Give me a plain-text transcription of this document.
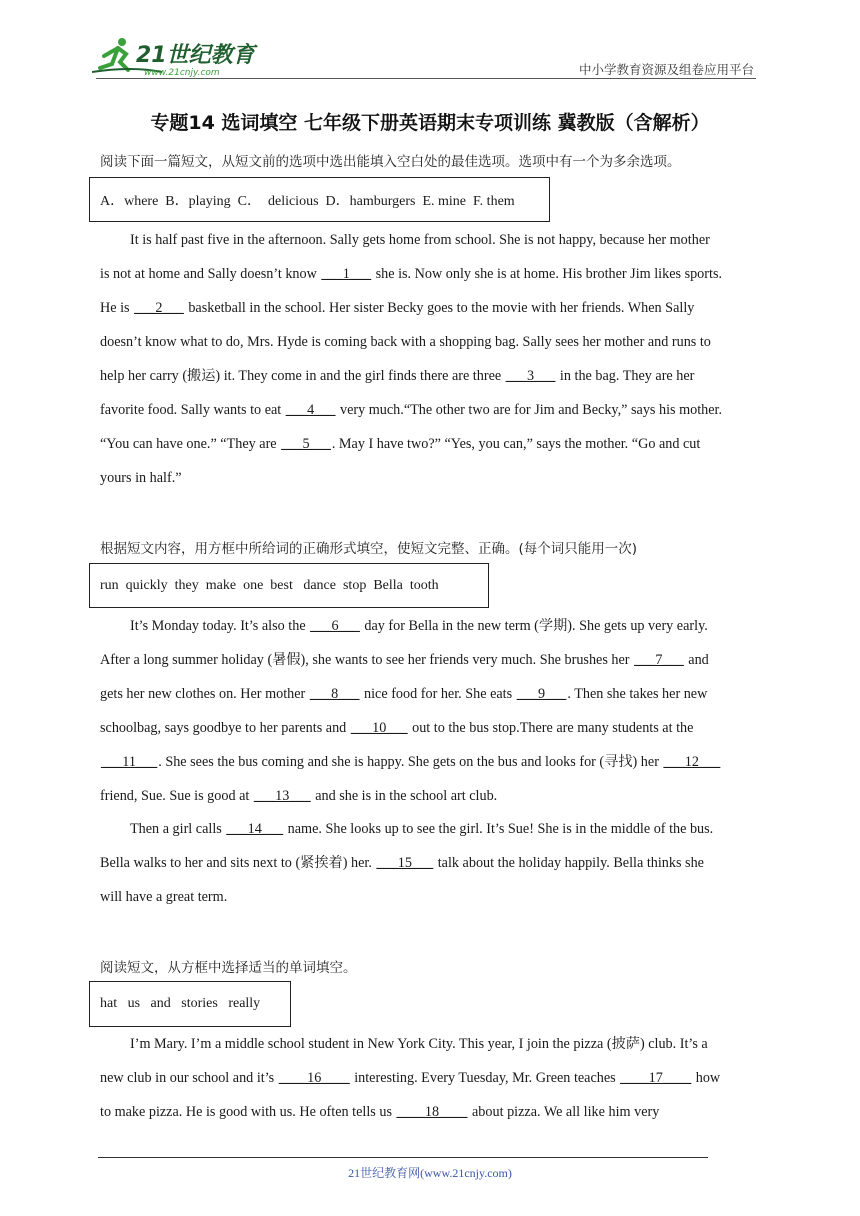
21世纪教育
www.21cnjy.com	中小学教育资源及组卷应用平台
专题14 选词填空 七年级下册英语期末专项训练 冀教版（含解析）
阅读下面一篇短文，从短文前的选项中选出能填入空白处的最佳选项。选项中有一个为多余选项。
A．where  B．playing  C．  delicious  D．hamburgers  E. mine  F. them
It is half past five in the afternoon. Sally gets home from school. She is not happy, because her mother
is not at home and Sally doesn’t know ___1___ she is. Now only she is at home. His brother Jim likes sports.
He is ___2___ basketball in the school. Her sister Becky goes to the movie with her friends. When Sally
doesn’t know what to do, Mrs. Hyde is coming back with a shopping bag. Sally sees her mother and runs to
help her carry (搬运) it. They come in and the girl finds there are three ___3___ in the bag. They are her
favorite food. Sally wants to eat ___4___ very much.“The other two are for Jim and Becky,” says his mother.
“You can have one.” “They are ___5___. May I have two?” “Yes, you can,” says the mother. “Go and cut
yours in half.”
根据短文内容，用方框中所给词的正确形式填空，使短文完整、正确。(每个词只能用一次)
run  quickly  they  make  one  best   dance  stop  Bella  tooth
It’s Monday today. It’s also the ___6___ day for Bella in the new term (学期). She gets up very early.
After a long summer holiday (暑假), she wants to see her friends very much. She brushes her ___7___ and
gets her new clothes on. Her mother ___8___ nice food for her. She eats ___9___. Then she takes her new
schoolbag, says goodbye to her parents and ___10___ out to the bus stop.There are many students at the
___11___. She sees the bus coming and she is happy. She gets on the bus and looks for (寻找) her ___12___
friend, Sue. Sue is good at ___13___ and she is in the school art club.
Then a girl calls ___14___ name. She looks up to see the girl. It’s Sue! She is in the middle of the bus.
Bella walks to her and sits next to (紧挨着) her. ___15___ talk about the holiday happily. Bella thinks she
will have a great term.
阅读短文，从方框中选择适当的单词填空。
hat   us   and   stories   really
I’m Mary. I’m a middle school student in New York City. This year, I join the pizza (披萨) club. It’s a
new club in our school and it’s ____16____ interesting. Every Tuesday, Mr. Green teaches ____17____ how
to make pizza. He is good with us. He often tells us ____18____ about pizza. We all like him very
21世纪教育网(www.21cnjy.com)
